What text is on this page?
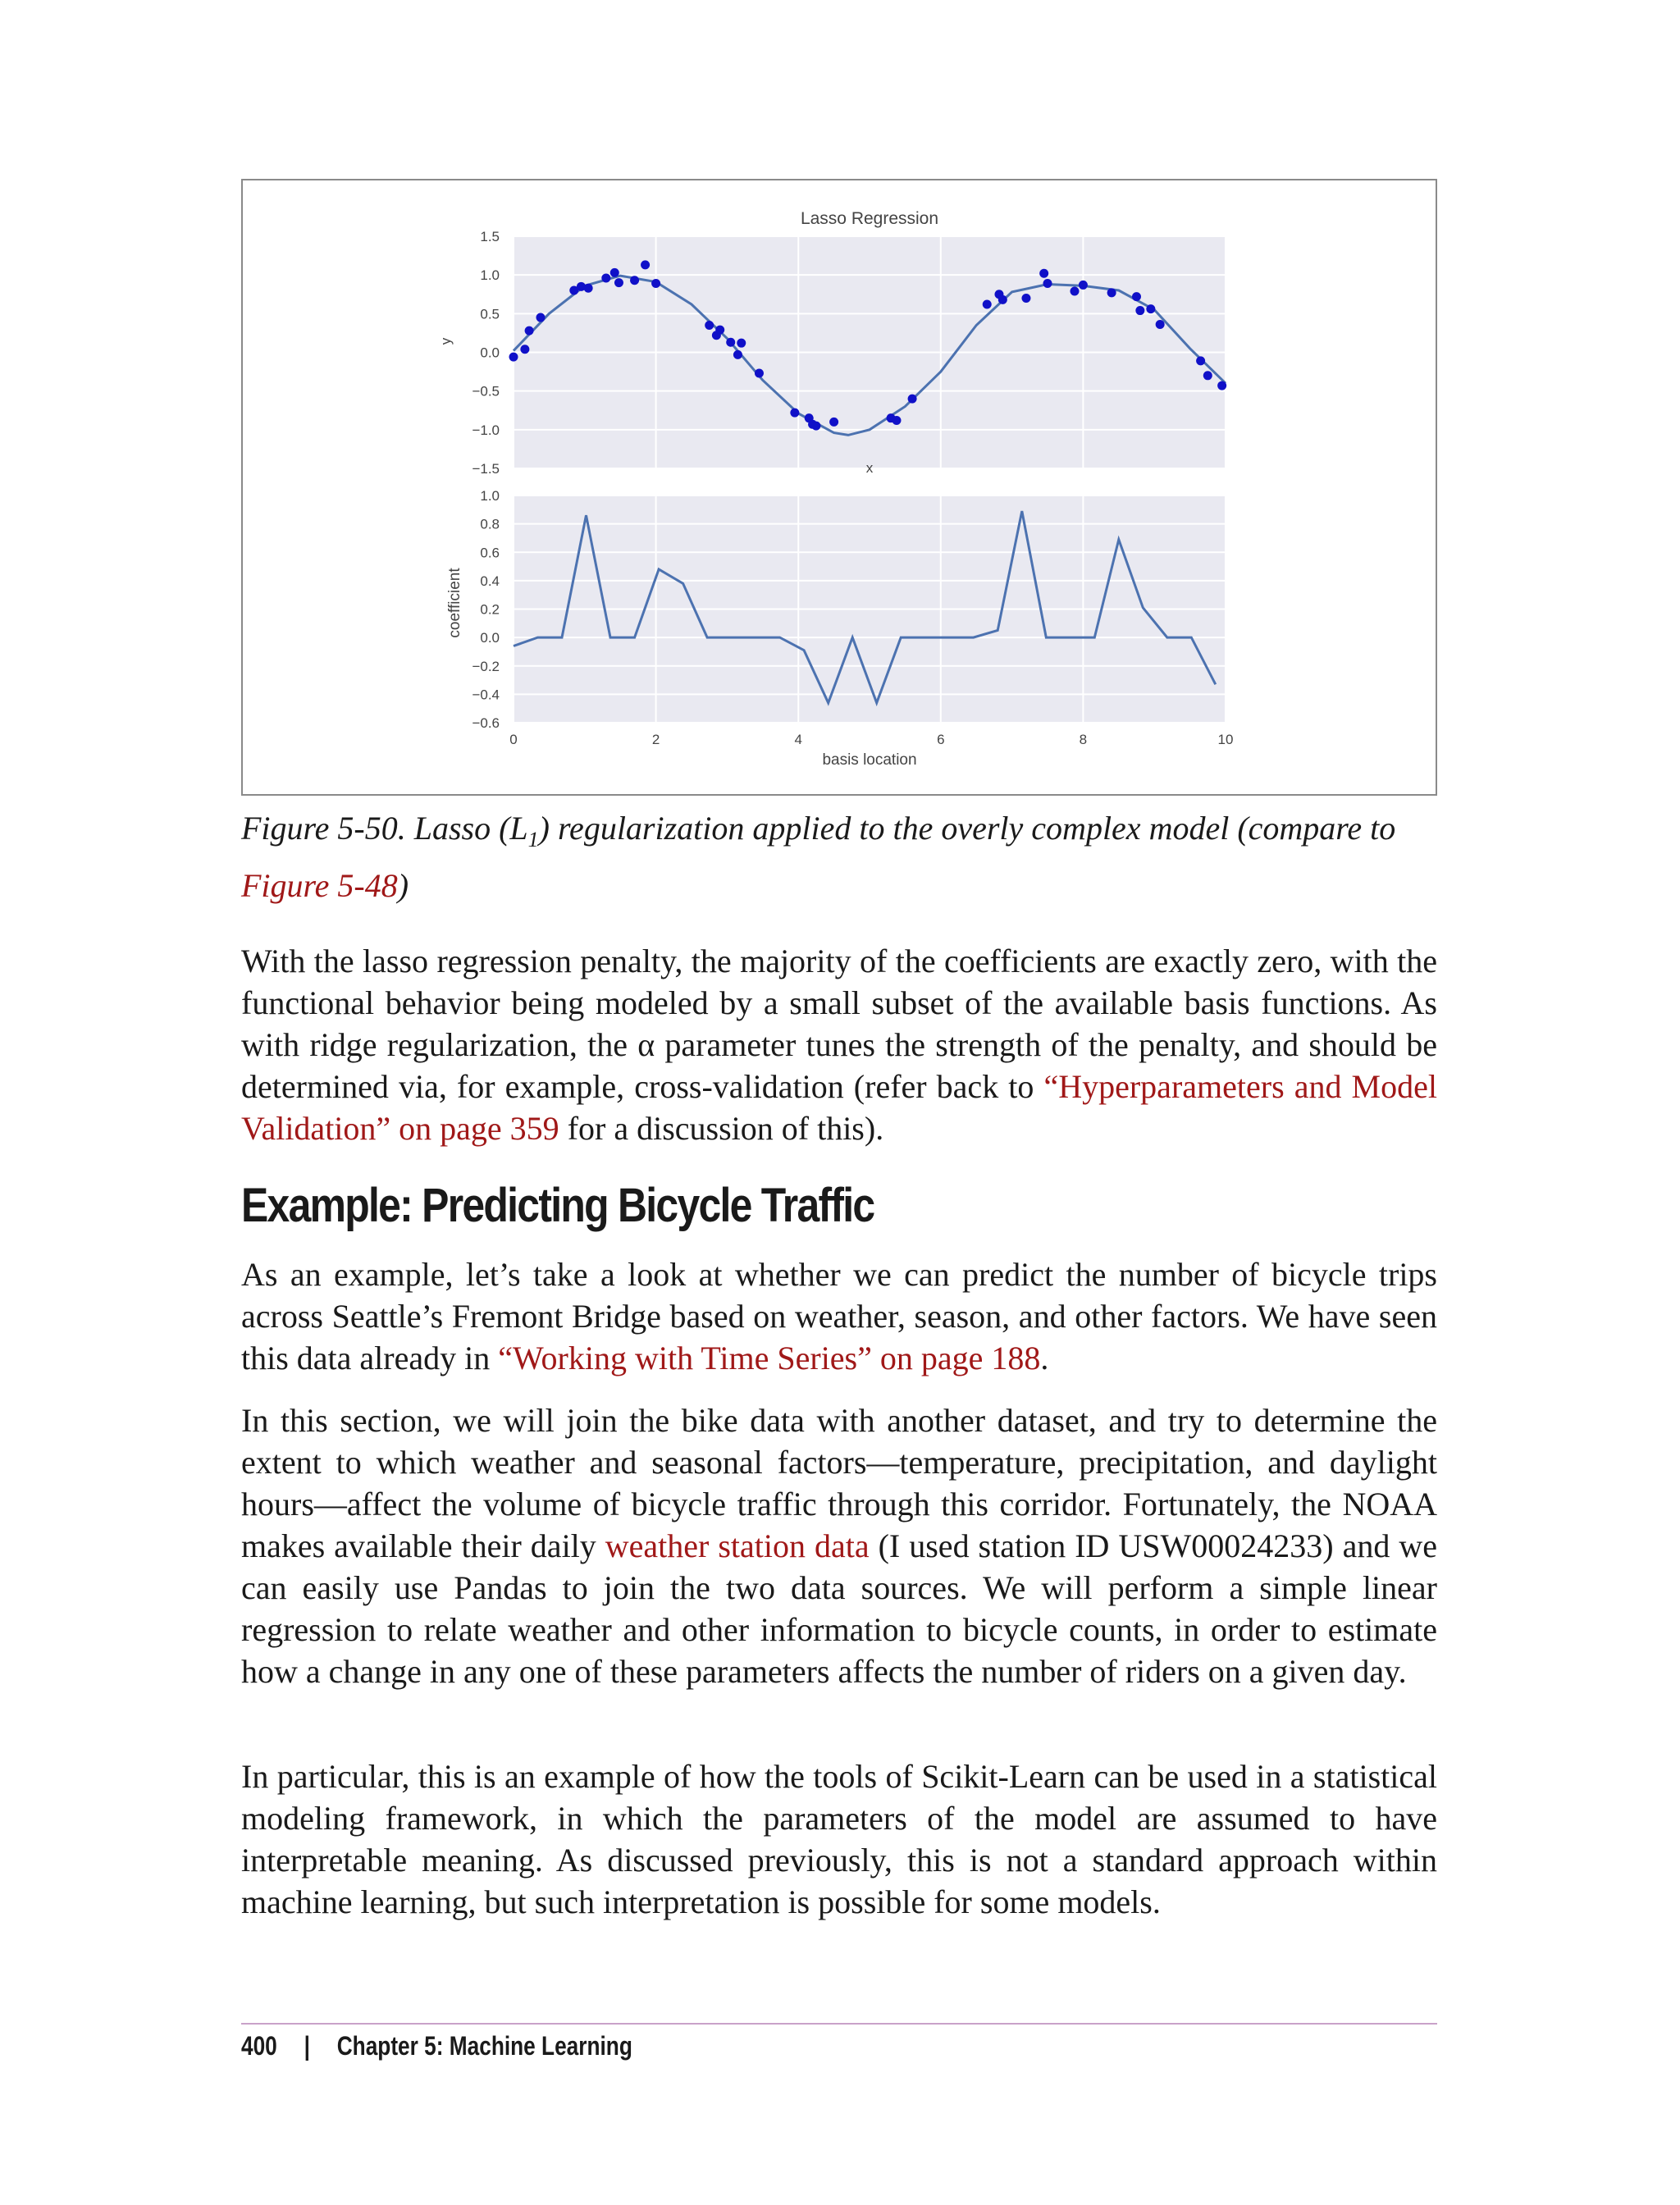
1.5
1.0
0.5
0.0
−0.5
−1.0
−1.5
Lasso Regression
x
y
1.0
0.8
0.6
0.4
0.2
0.0
−0.2
−0.4
−0.6
0	2	4	6	8	10
basis location
coefficient
Figure 5-50. Lasso $(L_1)$ regularization applied to the overly complex model (compare to
Figure 5-48)

With the lasso regression penalty, the majority of the coefficients are exactly zero, with the functional behavior being modeled by a small subset of the available basis functions. As with ridge regularization, the α parameter tunes the strength of the penalty, and should be determined via, for example, cross-validation (refer back to “Hyperparameters and Model Validation” on page 359 for a discussion of this).

Example: Predicting Bicycle Traffic

As an example, let’s take a look at whether we can predict the number of bicycle trips across Seattle’s Fremont Bridge based on weather, season, and other factors. We have seen this data already in “Working with Time Series” on page 188.

In this section, we will join the bike data with another dataset, and try to determine the extent to which weather and seasonal factors—temperature, precipitation, and daylight hours—affect the volume of bicycle traffic through this corridor. Fortunately, the NOAA makes available their daily weather station data (I used station ID USW00024233) and we can easily use Pandas to join the two data sources. We will perform a simple linear regression to relate weather and other information to bicycle counts, in order to estimate how a change in any one of these parameters affects the number of riders on a given day.

In particular, this is an example of how the tools of Scikit-Learn can be used in a statistical modeling framework, in which the parameters of the model are assumed to have interpretable meaning. As discussed previously, this is not a standard approach within machine learning, but such interpretation is possible for some models.

400 | Chapter 5: Machine Learning
